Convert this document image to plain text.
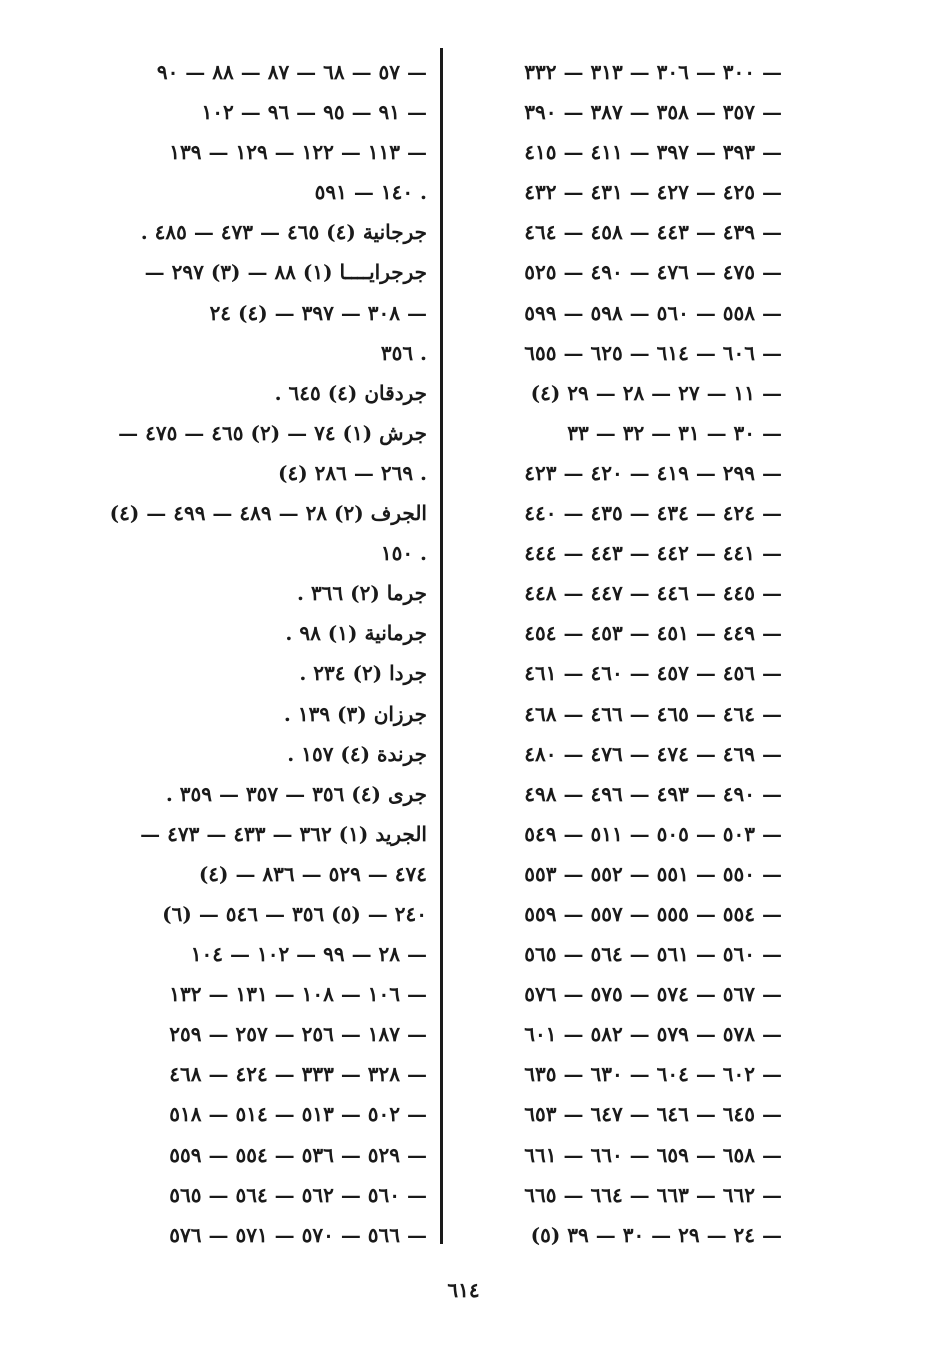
٣٠٠ — ٣٠٦ — ٣١٣ — ٣٣٢ —
٣٥٧ — ٣٥٨ — ٣٨٧ — ٣٩٠ —
٣٩٣ — ٣٩٧ — ٤١١ — ٤١٥ —
٤٢٥ — ٤٢٧ — ٤٣١ — ٤٣٢ —
٤٣٩ — ٤٤٣ — ٤٥٨ — ٤٦٤ —
٤٧٥ — ٤٧٦ — ٤٩٠ — ٥٢٥ —
٥٥٨ — ٥٦٠ — ٥٩٨ — ٥٩٩ —
٦٠٦ — ٦١٤ — ٦٢٥ — ٦٥٥ —
(٤) ١١ — ٢٧ — ٢٨ — ٢٩ —
٣٠ — ٣١ — ٣٢ — ٣٣ —
٢٩٩ — ٤١٩ — ٤٢٠ — ٤٢٣ —
٤٢٤ — ٤٣٤ — ٤٣٥ — ٤٤٠ —
٤٤١ — ٤٤٢ — ٤٤٣ — ٤٤٤ —
٤٤٥ — ٤٤٦ — ٤٤٧ — ٤٤٨ —
٤٤٩ — ٤٥١ — ٤٥٣ — ٤٥٤ —
٤٥٦ — ٤٥٧ — ٤٦٠ — ٤٦١ —
٤٦٤ — ٤٦٥ — ٤٦٦ — ٤٦٨ —
٤٦٩ — ٤٧٤ — ٤٧٦ — ٤٨٠ —
٤٩٠ — ٤٩٣ — ٤٩٦ — ٤٩٨ —
٥٠٣ — ٥٠٥ — ٥١١ — ٥٤٩ —
٥٥٠ — ٥٥١ — ٥٥٢ — ٥٥٣ —
٥٥٤ — ٥٥٥ — ٥٥٧ — ٥٥٩ —
٥٦٠ — ٥٦١ — ٥٦٤ — ٥٦٥ —
٥٦٧ — ٥٧٤ — ٥٧٥ — ٥٧٦ —
٥٧٨ — ٥٧٩ — ٥٨٢ — ٦٠١ —
٦٠٢ — ٦٠٤ — ٦٣٠ — ٦٣٥ —
٦٤٥ — ٦٤٦ — ٦٤٧ — ٦٥٣ —
٦٥٨ — ٦٥٩ — ٦٦٠ — ٦٦١ —
٦٦٢ — ٦٦٣ — ٦٦٤ — ٦٦٥ —
(٥) ٢٤ — ٢٩ — ٣٠ — ٣٩ —
٥٧ — ٦٨ — ٨٧ — ٨٨ — ٩٠ —
٩١ — ٩٥ — ٩٦ — ١٠٢ —
١١٣ — ١٢٢ — ١٢٩ — ١٣٩ —
١٤٠ — ٥٩١ .
جرجانية (٤) ٤٦٥ — ٤٧٣ — ٤٨٥ .
جرجرايــــا (١) ٨٨ — (٣) ٢٩٧ —
٣٠٨ — ٣٩٧ — (٤) ٢٤ —
٣٥٦ .
جردقان (٤) ٦٤٥ .
جرش (١) ٧٤ — (٢) ٤٦٥ — ٤٧٥ —
(٤) ٢٦٩ — ٢٨٦ .
الجرف (٢) ٢٨ — ٤٨٩ — ٤٩٩ — (٤)
١٥٠ .
جرما (٢) ٣٦٦ .
جرمانية (١) ٩٨ .
جردا (٢) ٢٣٤ .
جرزان (٣) ١٣٩ .
جرندة (٤) ١٥٧ .
جرى (٤) ٣٥٦ — ٣٥٧ — ٣٥٩ .
الجريد (١) ٣٦٢ — ٤٣٣ — ٤٧٣ —
٤٧٤ — ٥٢٩ — ٨٣٦ — (٤)
٢٤٠ — (٥) ٣٥٦ — ٥٤٦ — (٦)
٢٨ — ٩٩ — ١٠٢ — ١٠٤ —
١٠٦ — ١٠٨ — ١٣١ — ١٣٢ —
١٨٧ — ٢٥٦ — ٢٥٧ — ٢٥٩ —
٣٢٨ — ٣٣٣ — ٤٢٤ — ٤٦٨ —
٥٠٢ — ٥١٣ — ٥١٤ — ٥١٨ —
٥٢٩ — ٥٣٦ — ٥٥٤ — ٥٥٩ —
٥٦٠ — ٥٦٢ — ٥٦٤ — ٥٦٥ —
٥٦٦ — ٥٧٠ — ٥٧١ — ٥٧٦ —
٦١٤
